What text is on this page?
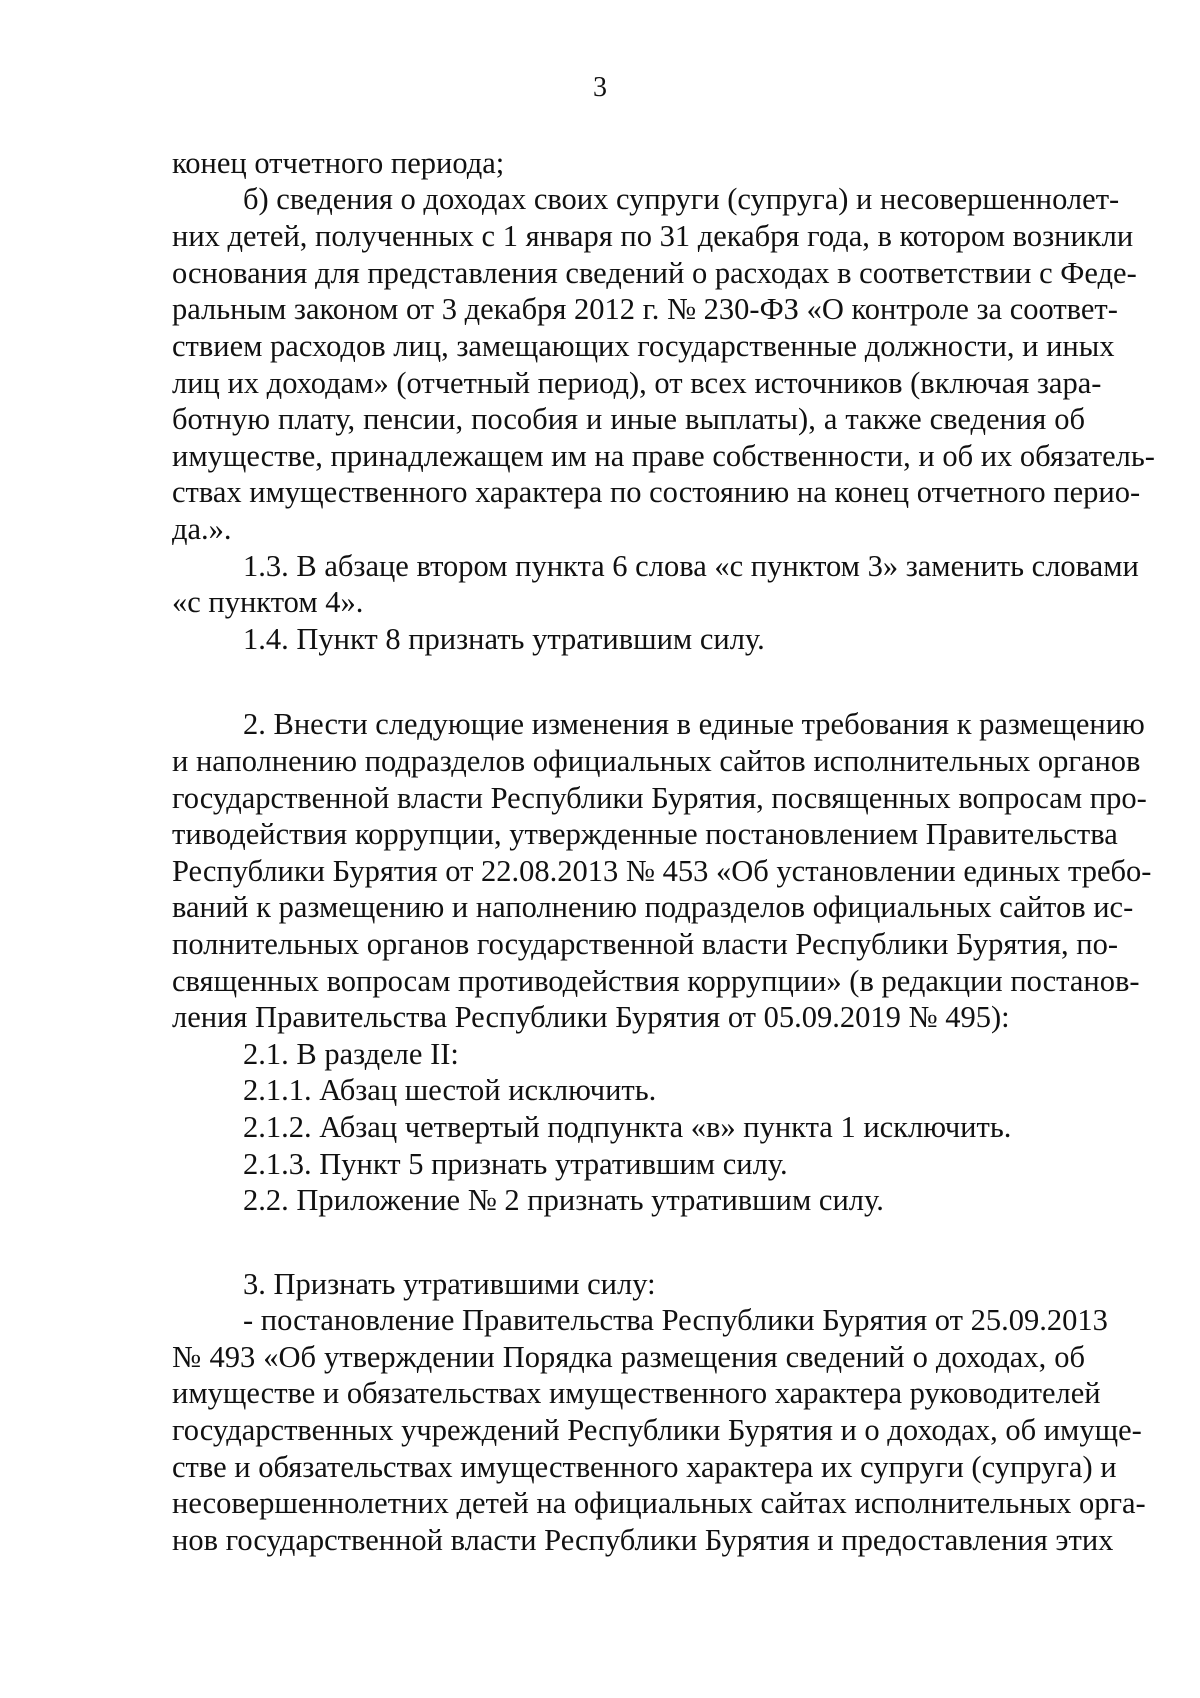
3
конец отчетного периода;
б) сведения о доходах своих супруги (супруга) и несовершеннолет-
них детей, полученных с 1 января по 31 декабря года, в котором возникли
основания для представления сведений о расходах в соответствии с Феде-
ральным законом от 3 декабря 2012 г. № 230-ФЗ «О контроле за соответ-
ствием расходов лиц, замещающих государственные должности, и иных
лиц их доходам» (отчетный период), от всех источников (включая зара-
ботную плату, пенсии, пособия и иные выплаты), а также сведения об
имуществе, принадлежащем им на праве собственности, и об их обязатель-
ствах имущественного характера по состоянию на конец отчетного перио-
да.».
1.3. В абзаце втором пункта 6 слова «с пунктом 3» заменить словами
«с пунктом 4».
1.4. Пункт 8 признать утратившим силу.
2. Внести следующие изменения в единые требования к размещению
и наполнению подразделов официальных сайтов исполнительных органов
государственной власти Республики Бурятия, посвященных вопросам про-
тиводействия коррупции, утвержденные постановлением Правительства
Республики Бурятия от 22.08.2013 № 453 «Об установлении единых требо-
ваний к размещению и наполнению подразделов официальных сайтов ис-
полнительных органов государственной власти Республики Бурятия, по-
священных вопросам противодействия коррупции» (в редакции постанов-
ления Правительства Республики Бурятия от 05.09.2019 № 495):
2.1. В разделе II:
2.1.1. Абзац шестой исключить.
2.1.2. Абзац четвертый подпункта «в» пункта 1 исключить.
2.1.3. Пункт 5 признать утратившим силу.
2.2. Приложение № 2 признать утратившим силу.
3. Признать утратившими силу:
- постановление Правительства Республики Бурятия от 25.09.2013
№ 493 «Об утверждении Порядка размещения сведений о доходах, об
имуществе и обязательствах имущественного характера руководителей
государственных учреждений Республики Бурятия и о доходах, об имуще-
стве и обязательствах имущественного характера их супруги (супруга) и
несовершеннолетних детей на официальных сайтах исполнительных орга-
нов государственной власти Республики Бурятия и предоставления этих
